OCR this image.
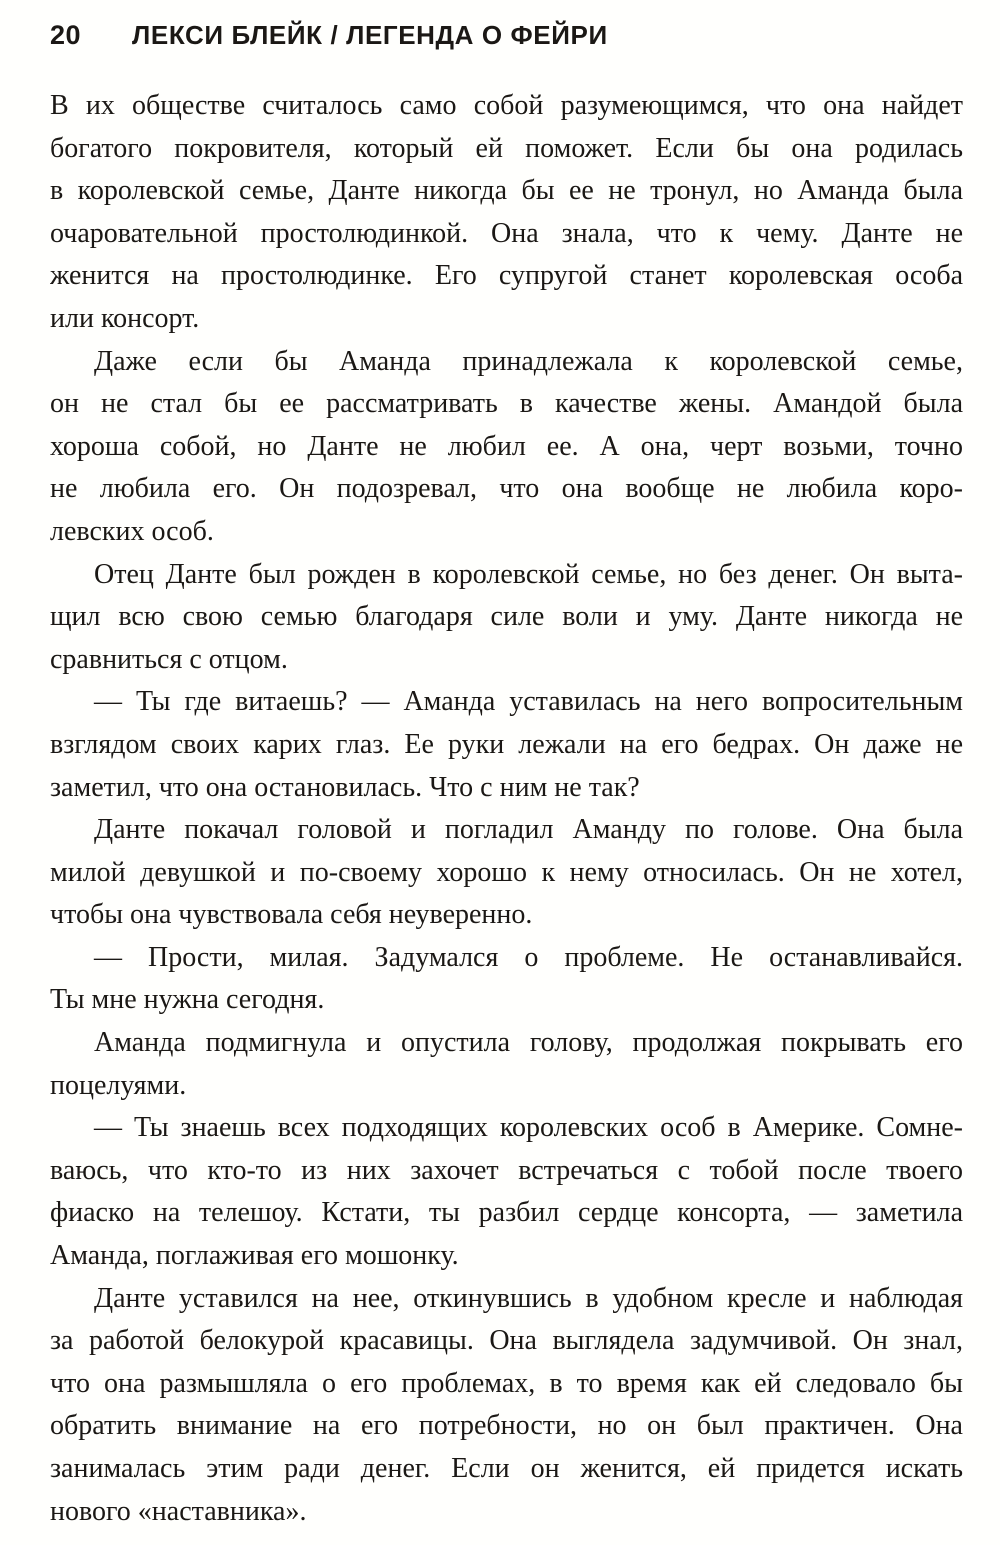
20 ЛЕКСИ БЛЕЙК / ЛЕГЕНДА О ФЕЙРИ

В их обществе считалось само собой разумеющимся, что она найдет
богатого покровителя, который ей поможет. Если бы она родилась
в королевской семье, Данте никогда бы ее не тронул, но Аманда была
очаровательной простолюдинкой. Она знала, что к чему. Данте не
женится на простолюдинке. Его супругой станет королевская особа
или консорт.

Даже если бы Аманда принадлежала к королевской семье,
он не стал бы ее рассматривать в качестве жены. Амандой была
хороша собой, но Данте не любил ее. А она, черт возьми, точно
не любила его. Он подозревал, что она вообще не любила коро-
левских особ.

Отец Данте был рожден в королевской семье, но без денег. Он выта-
щил всю свою семью благодаря силе воли и уму. Данте никогда не
сравниться с отцом.

— Ты где витаешь? — Аманда уставилась на него вопросительным
взглядом своих карих глаз. Ее руки лежали на его бедрах. Он даже не
заметил, что она остановилась. Что с ним не так?

Данте покачал головой и погладил Аманду по голове. Она была
милой девушкой и по-своему хорошо к нему относилась. Он не хотел,
чтобы она чувствовала себя неуверенно.

— Прости, милая. Задумался о проблеме. Не останавливайся.
Ты мне нужна сегодня.

Аманда подмигнула и опустила голову, продолжая покрывать его
поцелуями.

— Ты знаешь всех подходящих королевских особ в Америке. Сомне-
ваюсь, что кто-то из них захочет встречаться с тобой после твоего
фиаско на телешоу. Кстати, ты разбил сердце консорта, — заметила
Аманда, поглаживая его мошонку.

Данте уставился на нее, откинувшись в удобном кресле и наблюдая
за работой белокурой красавицы. Она выглядела задумчивой. Он знал,
что она размышляла о его проблемах, в то время как ей следовало бы
обратить внимание на его потребности, но он был практичен. Она
занималась этим ради денег. Если он женится, ей придется искать
нового «наставника».
